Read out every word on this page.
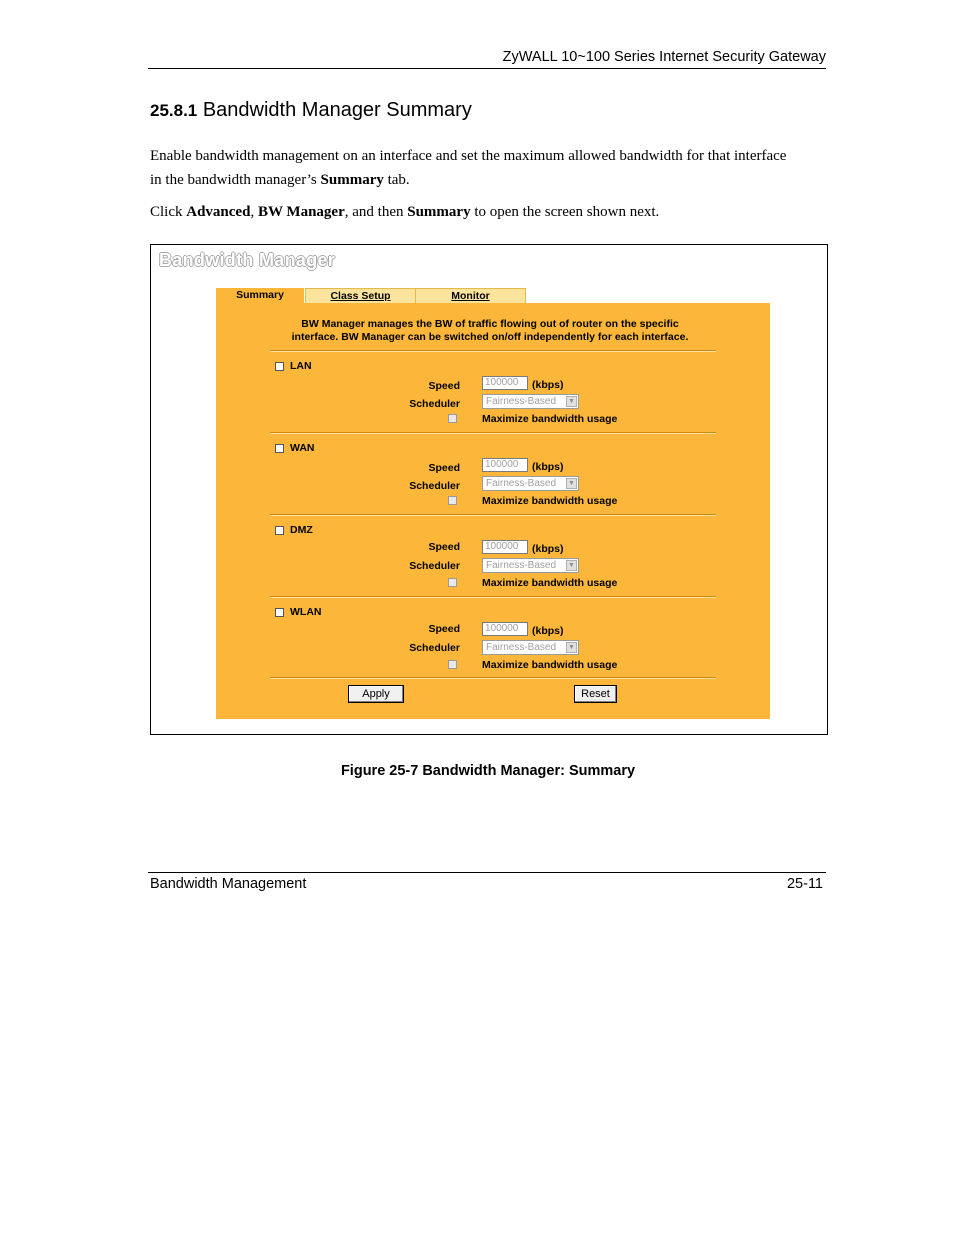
ZyWALL 10~100 Series Internet Security Gateway
25.8.1 Bandwidth Manager Summary
Enable bandwidth management on an interface and set the maximum allowed bandwidth for that interface
in the bandwidth manager’s Summary tab.
Click Advanced, BW Manager, and then Summary to open the screen shown next.
Bandwidth Manager
Summary	Class Setup	Monitor
BW Manager manages the BW of traffic flowing out of router on the specific
interface. BW Manager can be switched on/off independently for each interface.
LAN
Speed	100000	(kbps)
Scheduler	Fairness-Based ▼
Maximize bandwidth usage
WAN
Speed	100000	(kbps)
Scheduler	Fairness-Based ▼
Maximize bandwidth usage
DMZ
Speed	100000	(kbps)
Scheduler	Fairness-Based ▼
Maximize bandwidth usage
WLAN
Speed	100000	(kbps)
Scheduler	Fairness-Based ▼
Maximize bandwidth usage
Apply	Reset
Figure 25-7 Bandwidth Manager: Summary
Bandwidth Management	25-11
